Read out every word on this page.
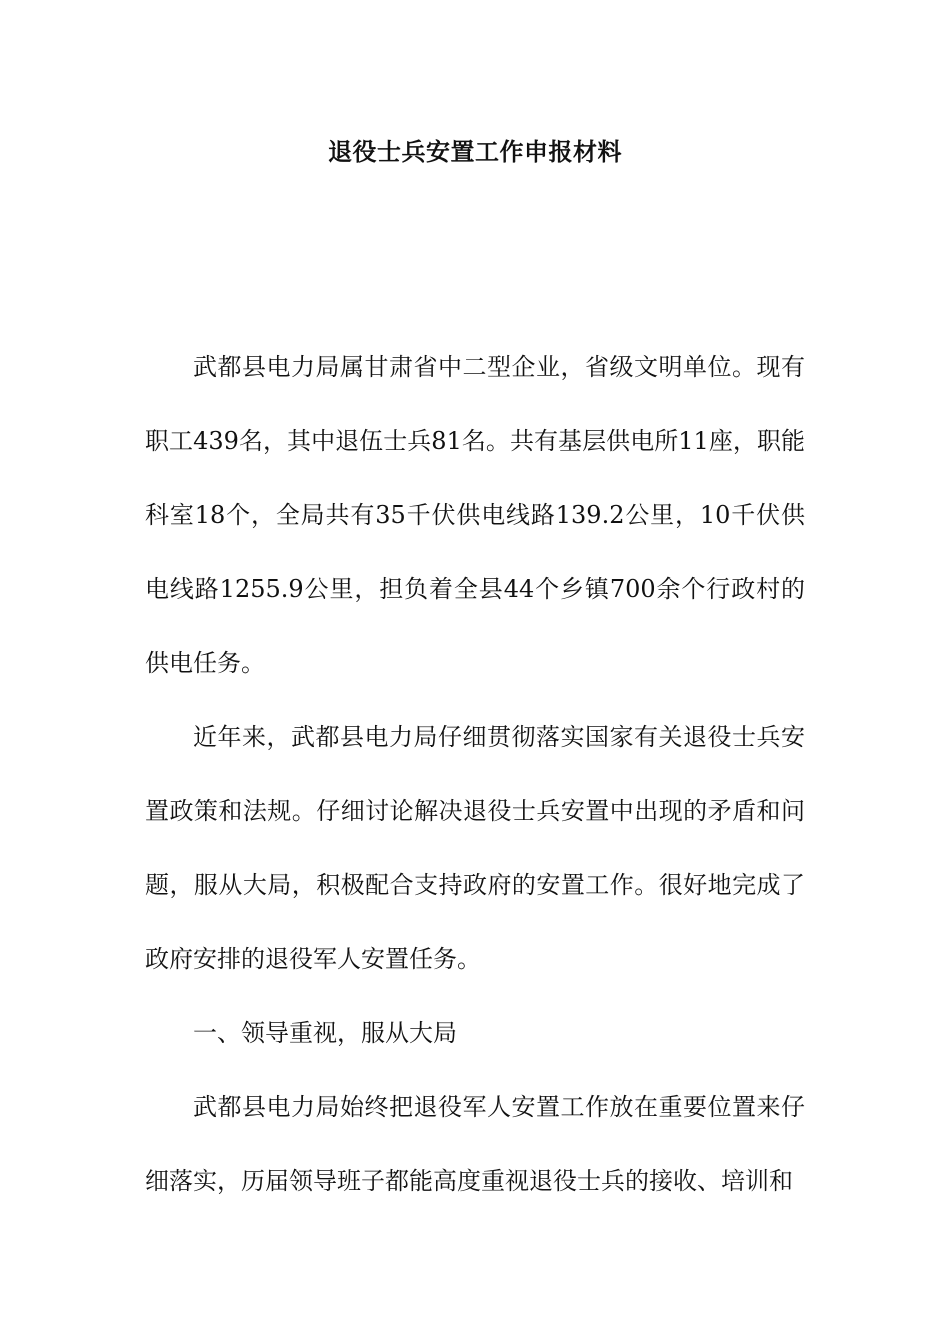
退役士兵安置工作申报材料

武都县电力局属甘肃省中二型企业，省级文明单位。现有职工439名，其中退伍士兵81名。共有基层供电所11座，职能科室18个，全局共有35千伏供电线路139.2公里，10千伏供电线路1255.9公里，担负着全县44个乡镇700余个行政村的供电任务。

近年来，武都县电力局仔细贯彻落实国家有关退役士兵安置政策和法规。仔细讨论解决退役士兵安置中出现的矛盾和问题，服从大局，积极配合支持政府的安置工作。很好地完成了政府安排的退役军人安置任务。

一、领导重视，服从大局

武都县电力局始终把退役军人安置工作放在重要位置来仔细落实，历届领导班子都能高度重视退役士兵的接收、培训和
